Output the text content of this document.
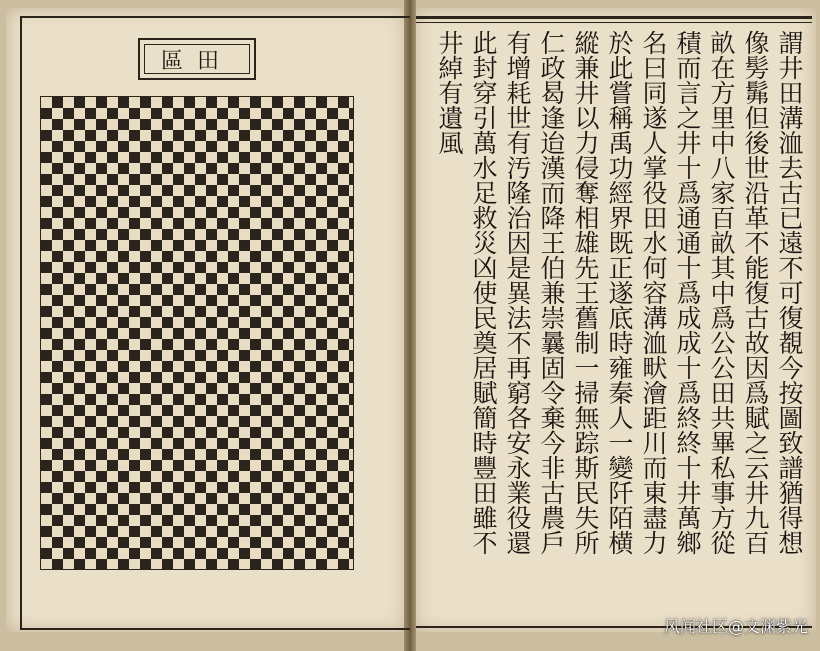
區田	謂井田溝洫去古已遠不可復覩今按圖致譜猶得想
像髣髴但後世沿革不能復古故因爲賦之云井九百
畝在方里中八家百畝其中爲公公田共畢私事方從
積而言之井十爲通通十爲成成十爲終終十井萬鄉
名曰同遂人掌役田水何容溝洫畎澮距川而東盡力
於此嘗稱禹功經界既正遂底時雍秦人一變阡陌横
縱兼井以力侵奪相雄先王舊制一掃無踪斯民失所
仁政曷逢迨漢而降王伯兼崇曩固令棄今非古農戶
有增耗世有汚隆治因是異法不再窮各安永業役還
此封穿引萬水足救災凶使民奠居賦簡時豐田雖不
井綽有遺風
风闻社区@文渊紫光
